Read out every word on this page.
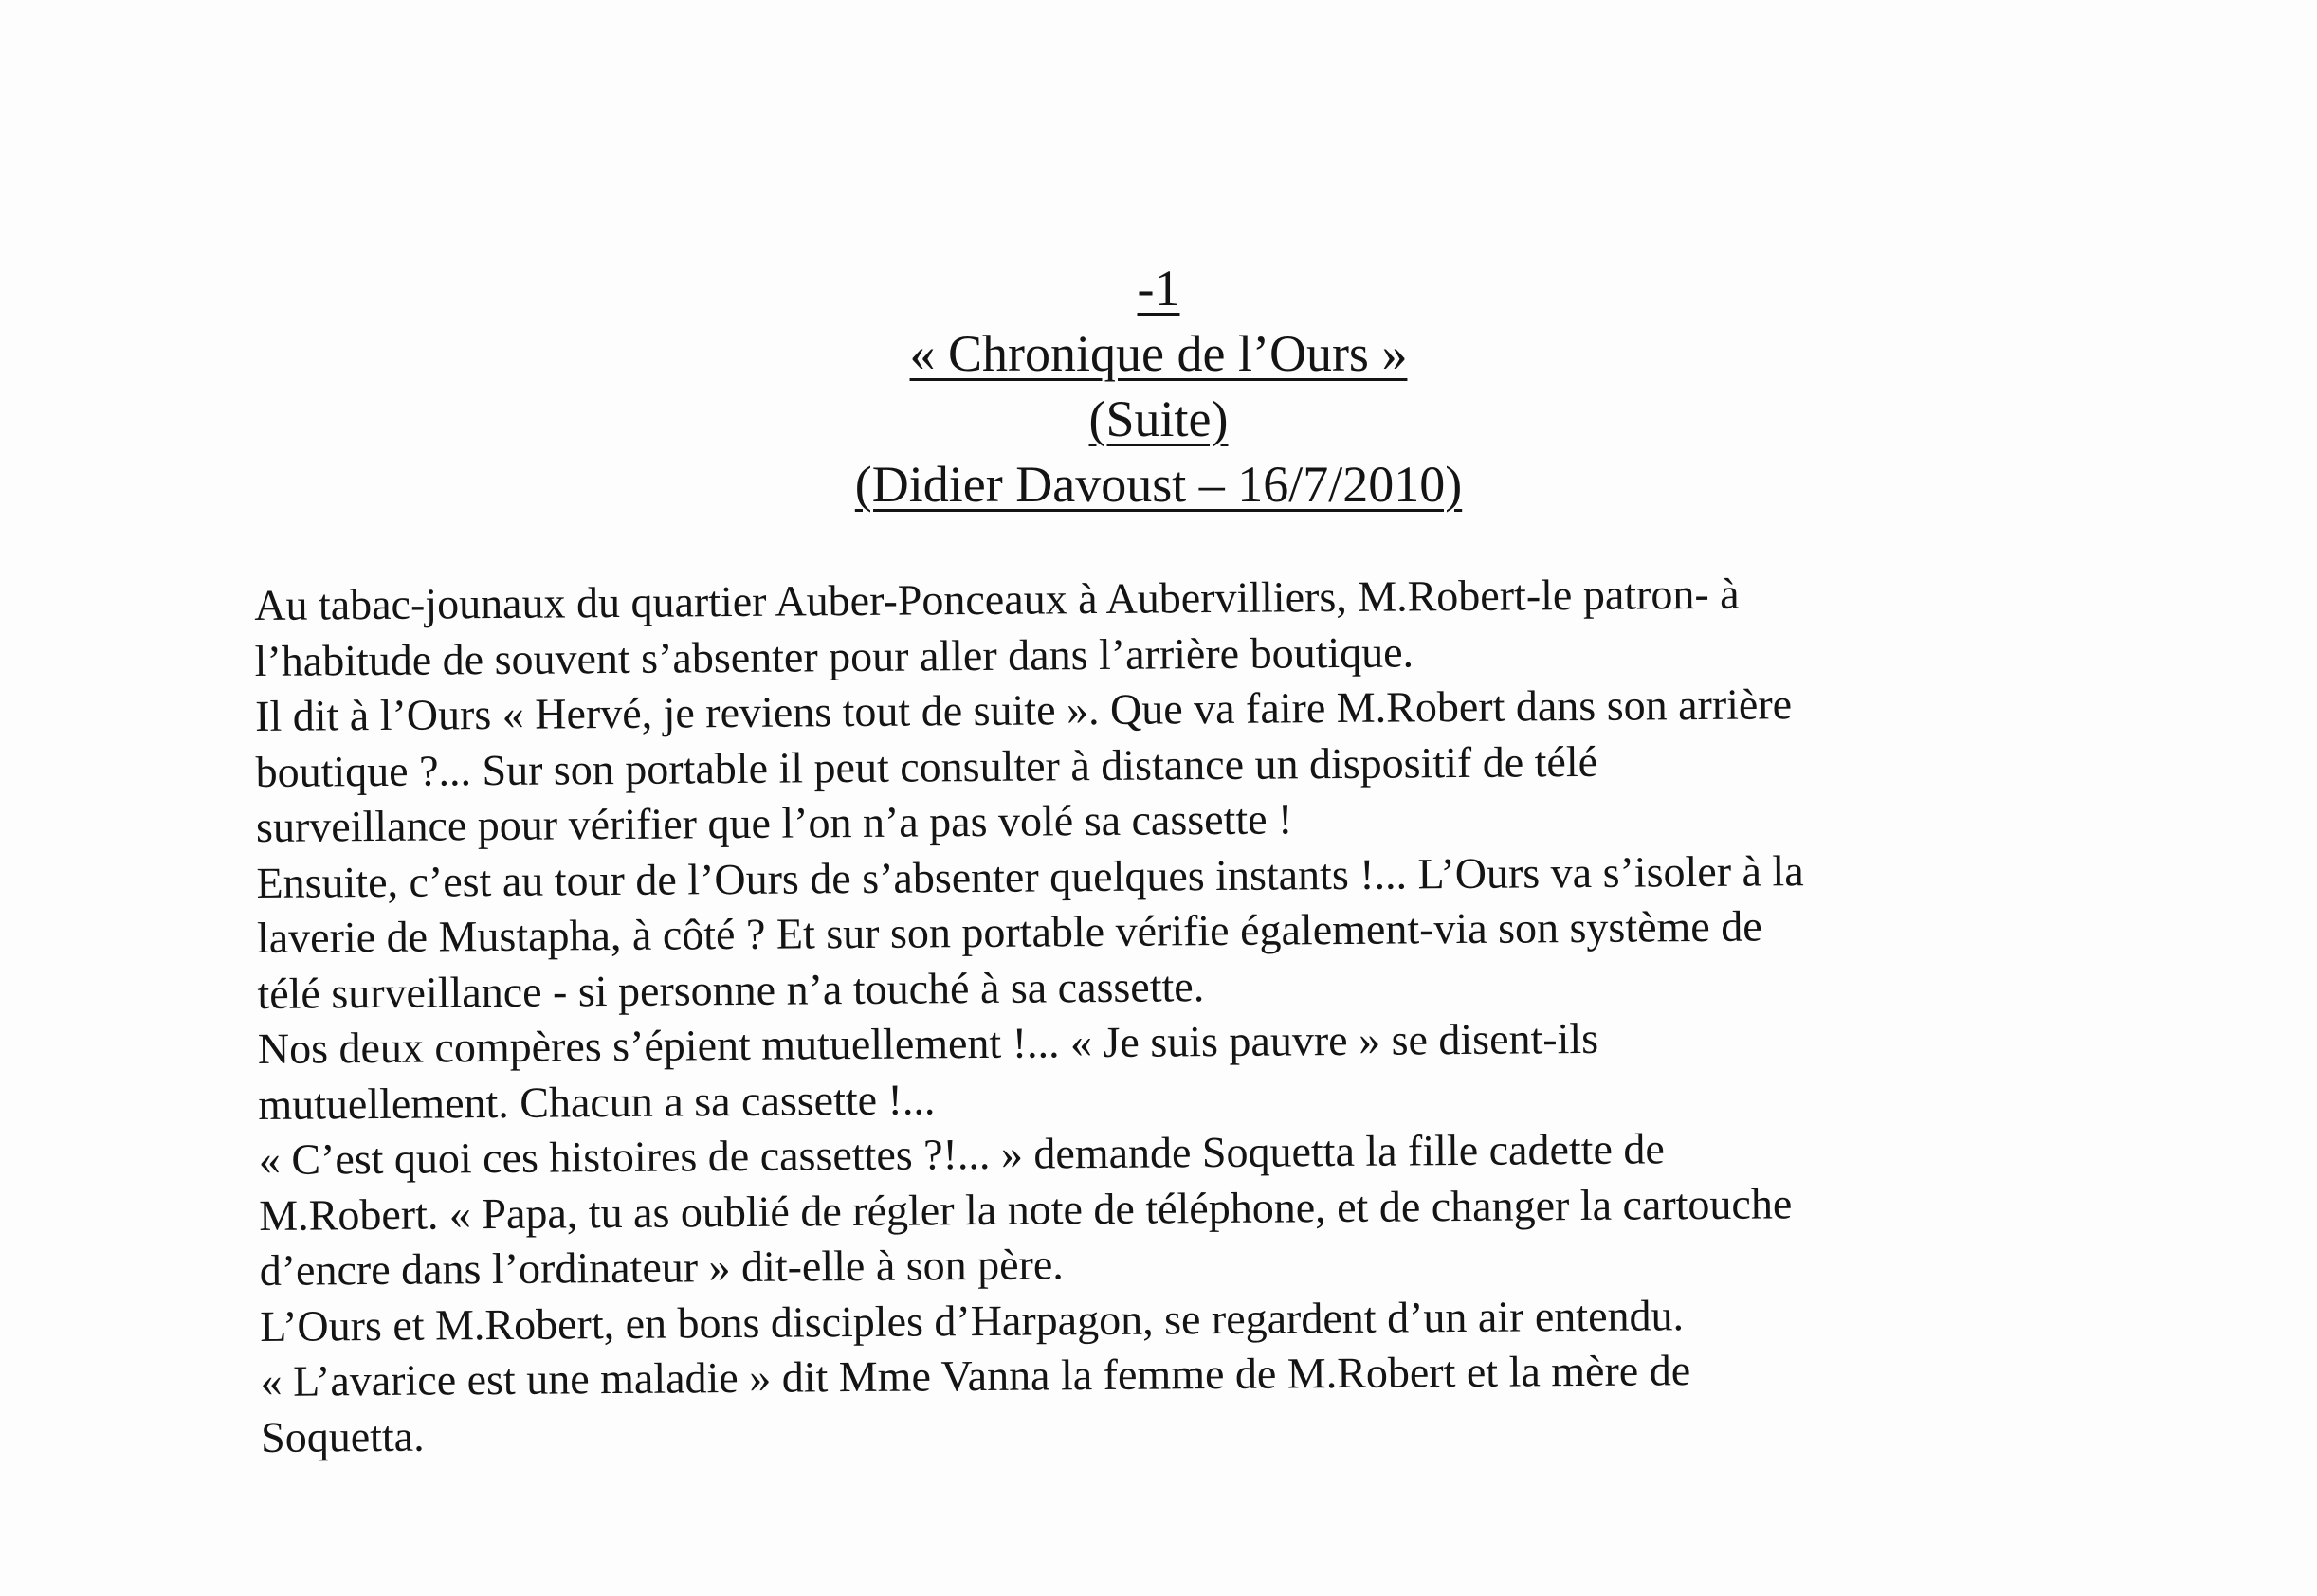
-1
« Chronique de l’Ours »
(Suite)
(Didier Davoust – 16/7/2010)

Au tabac-jounaux du quartier Auber-Ponceaux à Aubervilliers, M.Robert-le patron- à

l’habitude de souvent s’absenter pour aller dans l’arrière boutique.

Il dit à l’Ours « Hervé, je reviens tout de suite ». Que va faire M.Robert dans son arrière

boutique ?... Sur son portable il peut consulter à distance un dispositif de télé

surveillance pour vérifier que l’on n’a pas volé sa cassette !

Ensuite, c’est au tour de l’Ours de s’absenter quelques instants !... L’Ours va s’isoler à la

laverie de Mustapha, à côté ? Et sur son portable vérifie également-via son système de

télé surveillance - si personne n’a touché à sa cassette.

Nos deux compères s’épient mutuellement !... « Je suis pauvre » se disent-ils

mutuellement. Chacun a sa cassette !...

« C’est quoi ces histoires de cassettes ?!... » demande Soquetta la fille cadette de

M.Robert. « Papa, tu as oublié de régler la note de téléphone, et de changer la cartouche

d’encre dans l’ordinateur » dit-elle à son père.

L’Ours et M.Robert, en bons disciples d’Harpagon, se regardent d’un air entendu.

« L’avarice est une maladie » dit Mme Vanna la femme de M.Robert et la mère de

Soquetta.
